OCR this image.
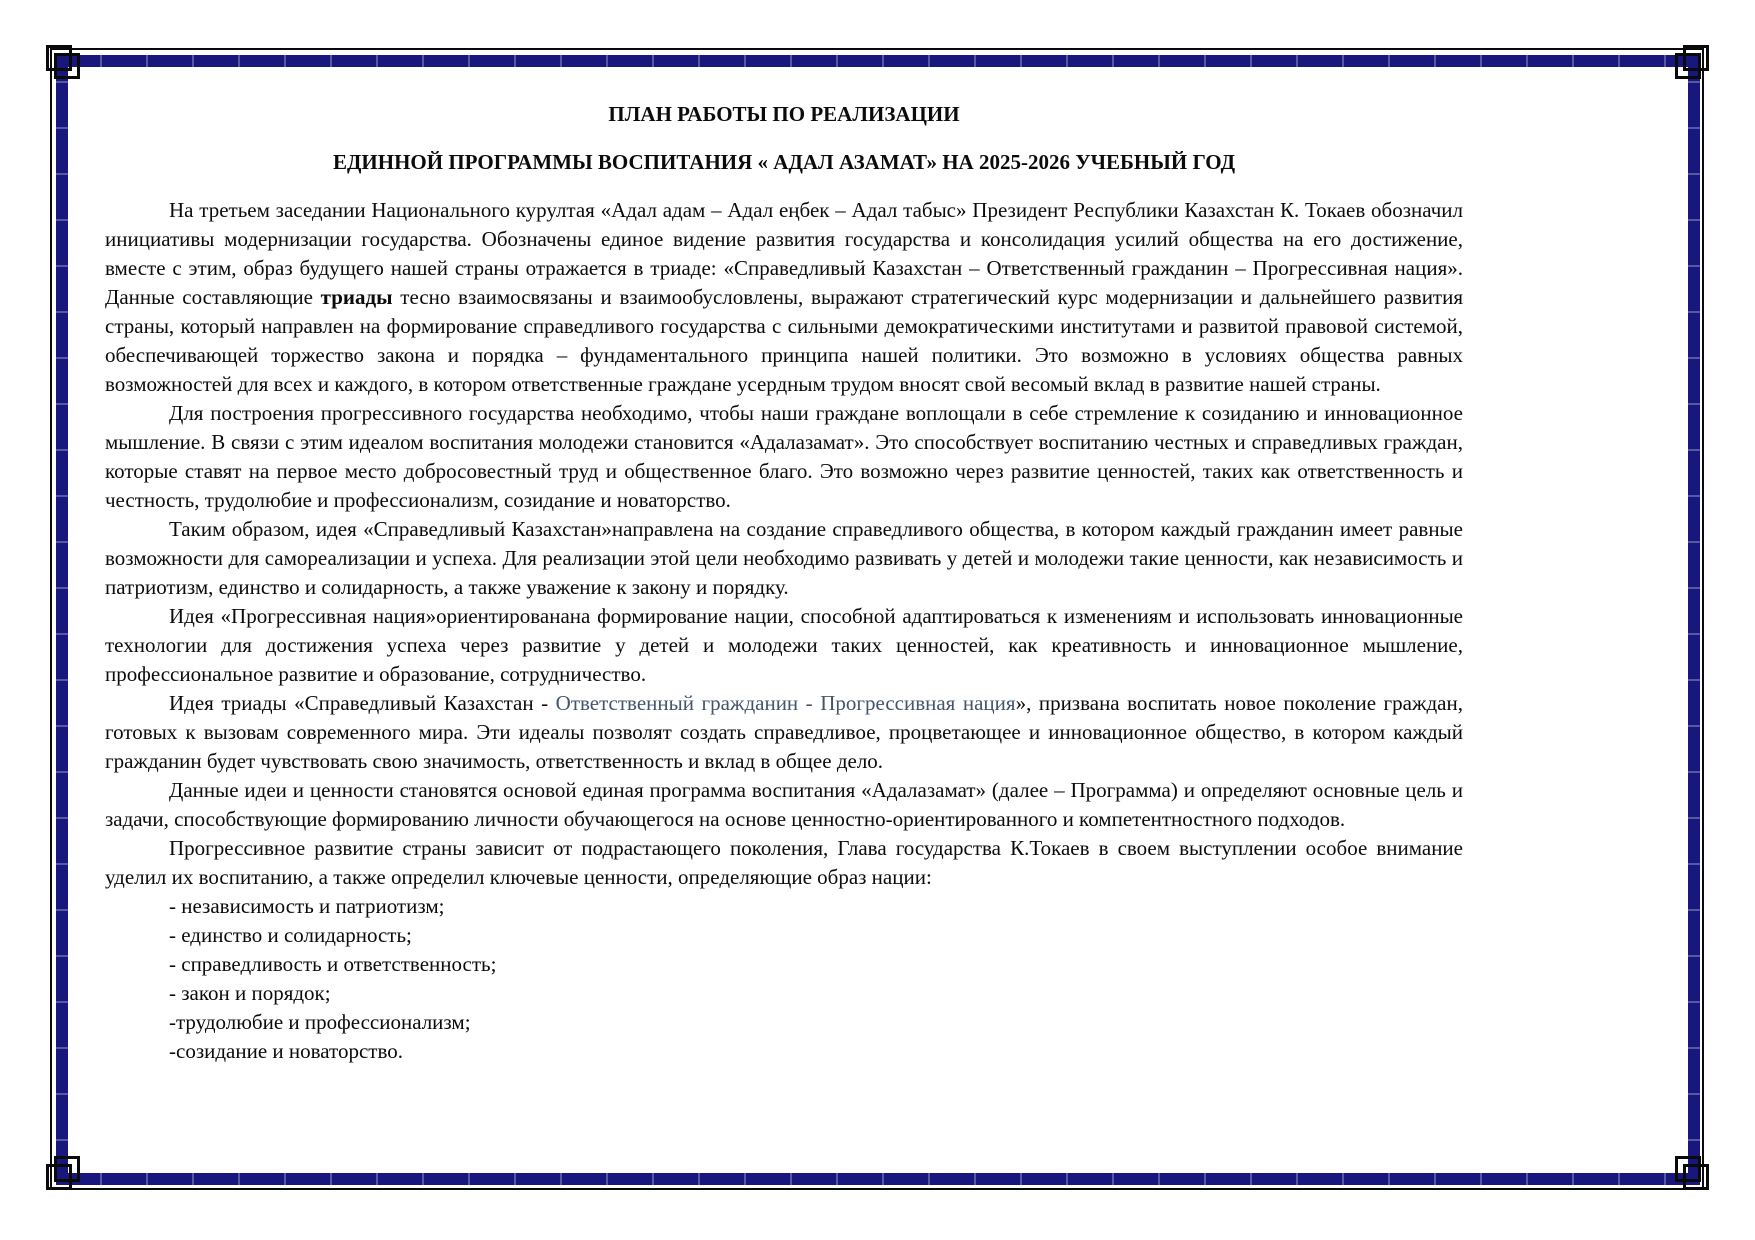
ПЛАН РАБОТЫ ПО РЕАЛИЗАЦИИ

ЕДИННОЙ ПРОГРАММЫ ВОСПИТАНИЯ « АДАЛ АЗАМАТ» НА 2025-2026 УЧЕБНЫЙ ГОД

На третьем заседании Национального курултая «Адал адам – Адал еңбек – Адал табыс» Президент Республики Казахстан К. Токаев обозначил инициативы модернизации государства. Обозначены единое видение развития государства и консолидация усилий общества на его достижение, вместе с этим, образ будущего нашей страны отражается в триаде: «Справедливый Казахстан – Ответственный гражданин – Прогрессивная нация». Данные составляющие триады тесно взаимосвязаны и взаимообусловлены, выражают стратегический курс модернизации и дальнейшего развития страны, который направлен на формирование справедливого государства с сильными демократическими институтами и развитой правовой системой, обеспечивающей торжество закона и порядка – фундаментального принципа нашей политики. Это возможно в условиях общества равных возможностей для всех и каждого, в котором ответственные граждане усердным трудом вносят свой весомый вклад в развитие нашей страны.

Для построения прогрессивного государства необходимо, чтобы наши граждане воплощали в себе стремление к созиданию и инновационное мышление. В связи с этим идеалом воспитания молодежи становится «Адалазамат». Это способствует воспитанию честных и справедливых граждан, которые ставят на первое место добросовестный труд и общественное благо. Это возможно через развитие ценностей, таких как ответственность и честность, трудолюбие и профессионализм, созидание и новаторство.

Таким образом, идея «Справедливый Казахстан»направлена на создание справедливого общества, в котором каждый гражданин имеет равные возможности для самореализации и успеха. Для реализации этой цели необходимо развивать у детей и молодежи такие ценности, как независимость и патриотизм, единство и солидарность, а также уважение к закону и порядку.

Идея «Прогрессивная нация»ориентированана формирование нации, способной адаптироваться к изменениям и использовать инновационные технологии для достижения успеха через развитие у детей и молодежи таких ценностей, как креативность и инновационное мышление, профессиональное развитие и образование, сотрудничество.

Идея триады «Справедливый Казахстан - Ответственный гражданин - Прогрессивная нация», призвана воспитать новое поколение граждан, готовых к вызовам современного мира. Эти идеалы позволят создать справедливое, процветающее и инновационное общество, в котором каждый гражданин будет чувствовать свою значимость, ответственность и вклад в общее дело.

Данные идеи и ценности становятся основой единая программа воспитания «Адалазамат» (далее – Программа) и определяют основные цель и задачи, способствующие формированию личности обучающегося на основе ценностно-ориентированного и компетентностного подходов.

Прогрессивное развитие страны зависит от подрастающего поколения, Глава государства К.Токаев в своем выступлении особое внимание уделил их воспитанию, а также определил ключевые ценности, определяющие образ нации:

- независимость и патриотизм;

- единство и солидарность;

- справедливость и ответственность;

- закон и порядок;

-трудолюбие и профессионализм;

-созидание и новаторство.
